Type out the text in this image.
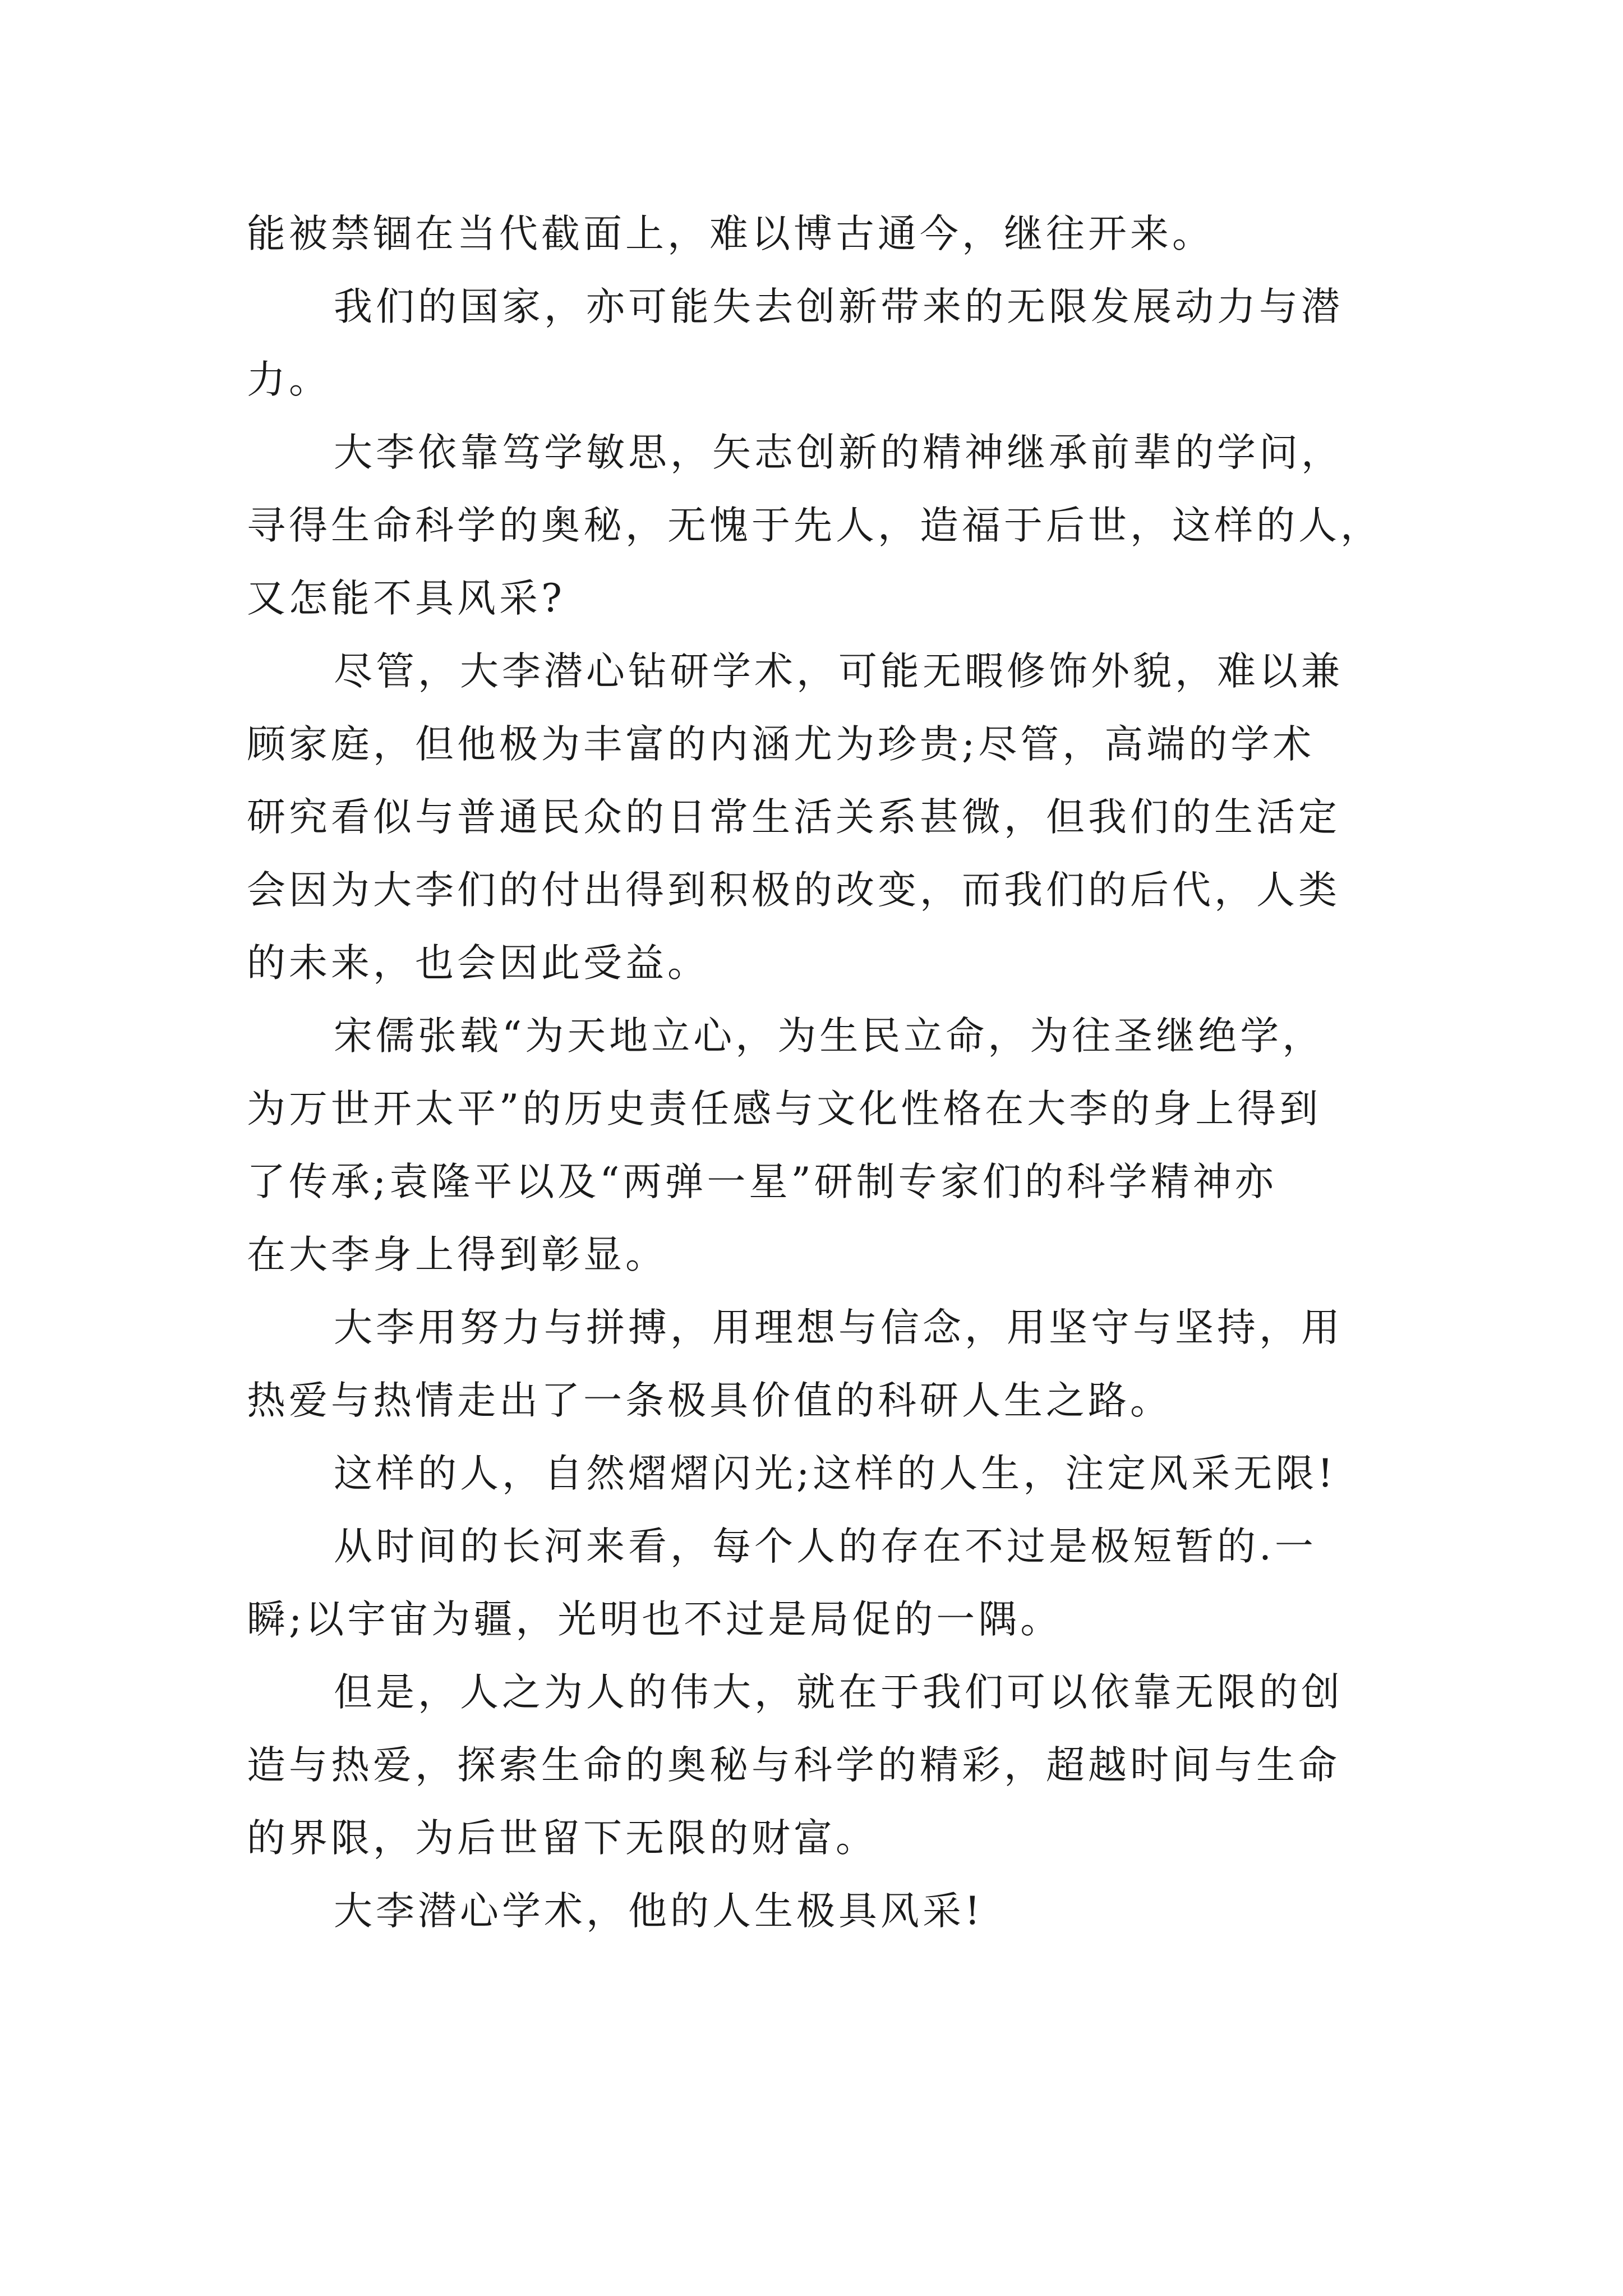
能被禁锢在当代截面上，难以博古通今，继往开来。
我们的国家，亦可能失去创新带来的无限发展动力与潜
力。
大李依靠笃学敏思，矢志创新的精神继承前辈的学问，
寻得生命科学的奥秘，无愧于先人，造福于后世，这样的人，
又怎能不具风采?
尽管，大李潜心钻研学术，可能无暇修饰外貌，难以兼
顾家庭，但他极为丰富的内涵尤为珍贵;尽管，高端的学术
研究看似与普通民众的日常生活关系甚微，但我们的生活定
会因为大李们的付出得到积极的改变，而我们的后代，人类
的未来，也会因此受益。
宋儒张载“为天地立心，为生民立命，为往圣继绝学，
为万世开太平”的历史责任感与文化性格在大李的身上得到
了传承;袁隆平以及“两弹一星”研制专家们的科学精神亦
在大李身上得到彰显。
大李用努力与拼搏，用理想与信念，用坚守与坚持，用
热爱与热情走出了一条极具价值的科研人生之路。
这样的人，自然熠熠闪光;这样的人生，注定风采无限!
从时间的长河来看，每个人的存在不过是极短暂的.一
瞬;以宇宙为疆，光明也不过是局促的一隅。
但是，人之为人的伟大，就在于我们可以依靠无限的创
造与热爱，探索生命的奥秘与科学的精彩，超越时间与生命
的界限，为后世留下无限的财富。
大李潜心学术，他的人生极具风采!
